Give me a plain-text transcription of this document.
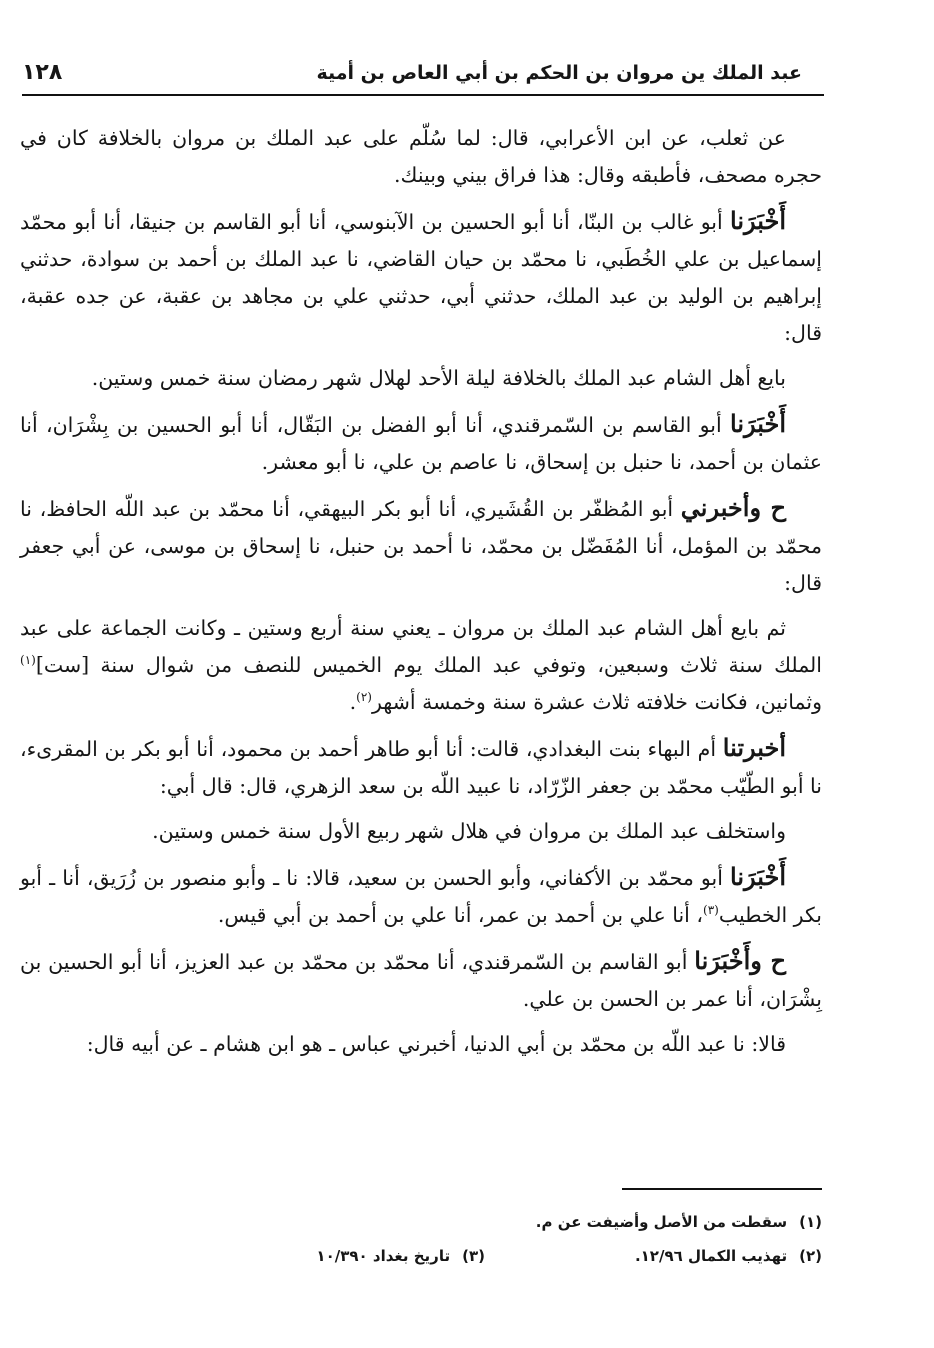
عبد الملك ين مروان بن الحكم بن أبي العاص بن أمية
١٢٨

عن ثعلب، عن ابن الأعرابي، قال: لما سُلّم على عبد الملك بن مروان بالخلافة كان في حجره مصحف، فأطبقه وقال: هذا فراق بيني وبينك.

أَخْبَرَنا أبو غالب بن البنّا، أنا أبو الحسين بن الآبنوسي، أنا أبو القاسم بن جنيقا، أنا أبو محمّد إسماعيل بن علي الخُطَبي، نا محمّد بن حيان القاضي، نا عبد الملك بن أحمد بن سوادة، حدثني إبراهيم بن الوليد بن عبد الملك، حدثني أبي، حدثني علي بن مجاهد بن عقبة، عن جده عقبة، قال:

بايع أهل الشام عبد الملك بالخلافة ليلة الأحد لهلال شهر رمضان سنة خمس وستين.

أَخْبَرَنا أبو القاسم بن السّمرقندي، أنا أبو الفضل بن البَقّال، أنا أبو الحسين بن بِشْرَان، أنا عثمان بن أحمد، نا حنبل بن إسحاق، نا عاصم بن علي، نا أبو معشر.

ح وأخبرني أبو المُظفّر بن القُشَيري، أنا أبو بكر البيهقي، أنا محمّد بن عبد اللّه الحافظ، نا محمّد بن المؤمل، أنا المُفَضّل بن محمّد، نا أحمد بن حنبل، نا إسحاق بن موسى، عن أبي جعفر قال:

ثم بايع أهل الشام عبد الملك بن مروان ـ يعني سنة أربع وستين ـ وكانت الجماعة على عبد الملك سنة ثلاث وسبعين، وتوفي عبد الملك يوم الخميس للنصف من شوال سنة [ست]$^{(١)}$ وثمانين، فكانت خلافته ثلاث عشرة سنة وخمسة أشهر$^{(٢)}$.

أخبرتنا أم البهاء بنت البغدادي، قالت: أنا أبو طاهر أحمد بن محمود، أنا أبو بكر بن المقرىء، نا أبو الطّيّب محمّد بن جعفر الزّرّاد، نا عبيد اللّه بن سعد الزهري، قال: قال أبي:

واستخلف عبد الملك بن مروان في هلال شهر ربيع الأول سنة خمس وستين.

أَخْبَرَنا أبو محمّد بن الأكفاني، وأبو الحسن بن سعيد، قالا: نا ـ وأبو منصور بن زُرَيق، أنا ـ أبو بكر الخطيب$^{(٣)}$، أنا علي بن أحمد بن عمر، أنا علي بن أحمد بن أبي قيس.

ح وأَخْبَرَنا أبو القاسم بن السّمرقندي، أنا محمّد بن محمّد بن عبد العزيز، أنا أبو الحسين بن بِشْرَان، أنا عمر بن الحسن بن علي.

قالا: نا عبد اللّه بن محمّد بن أبي الدنيا، أخبرني عباس ـ هو ابن هشام ـ عن أبيه قال:

(١)سقطت من الأصل وأضيفت عن م.
(٢)تهذيب الكمال ١٢/٩٦.(٣)تاريخ بغداد ١٠/٣٩٠
